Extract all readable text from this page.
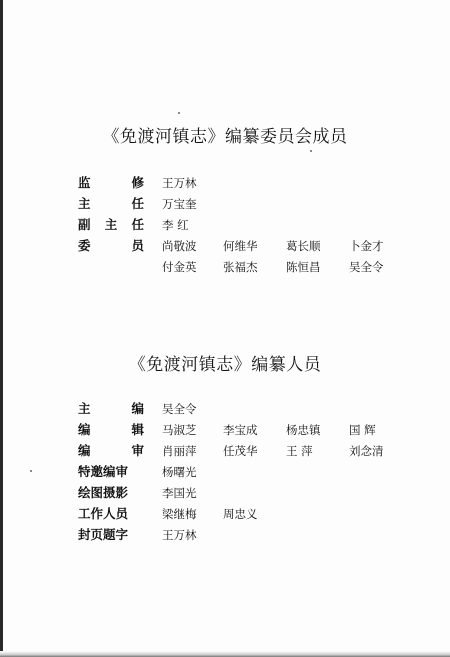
《免渡河镇志》编纂委员会成员
监	修 王万林
主	任 万宝奎
副 主 任 李 红
委	员 尚敬波 何维华 葛长顺 卜金才
付金英 张福杰 陈恒昌 吴全令
《免渡河镇志》编纂人员
主	编 吴全令
编	辑 马淑芝 李宝成 杨忠镇 国 辉
编	审 肖丽萍 任茂华 王 萍	刘念清
特邀编审	杨曙光
绘图摄影	李国光
工作人员	梁继梅 周忠义
封页题字	王万林
